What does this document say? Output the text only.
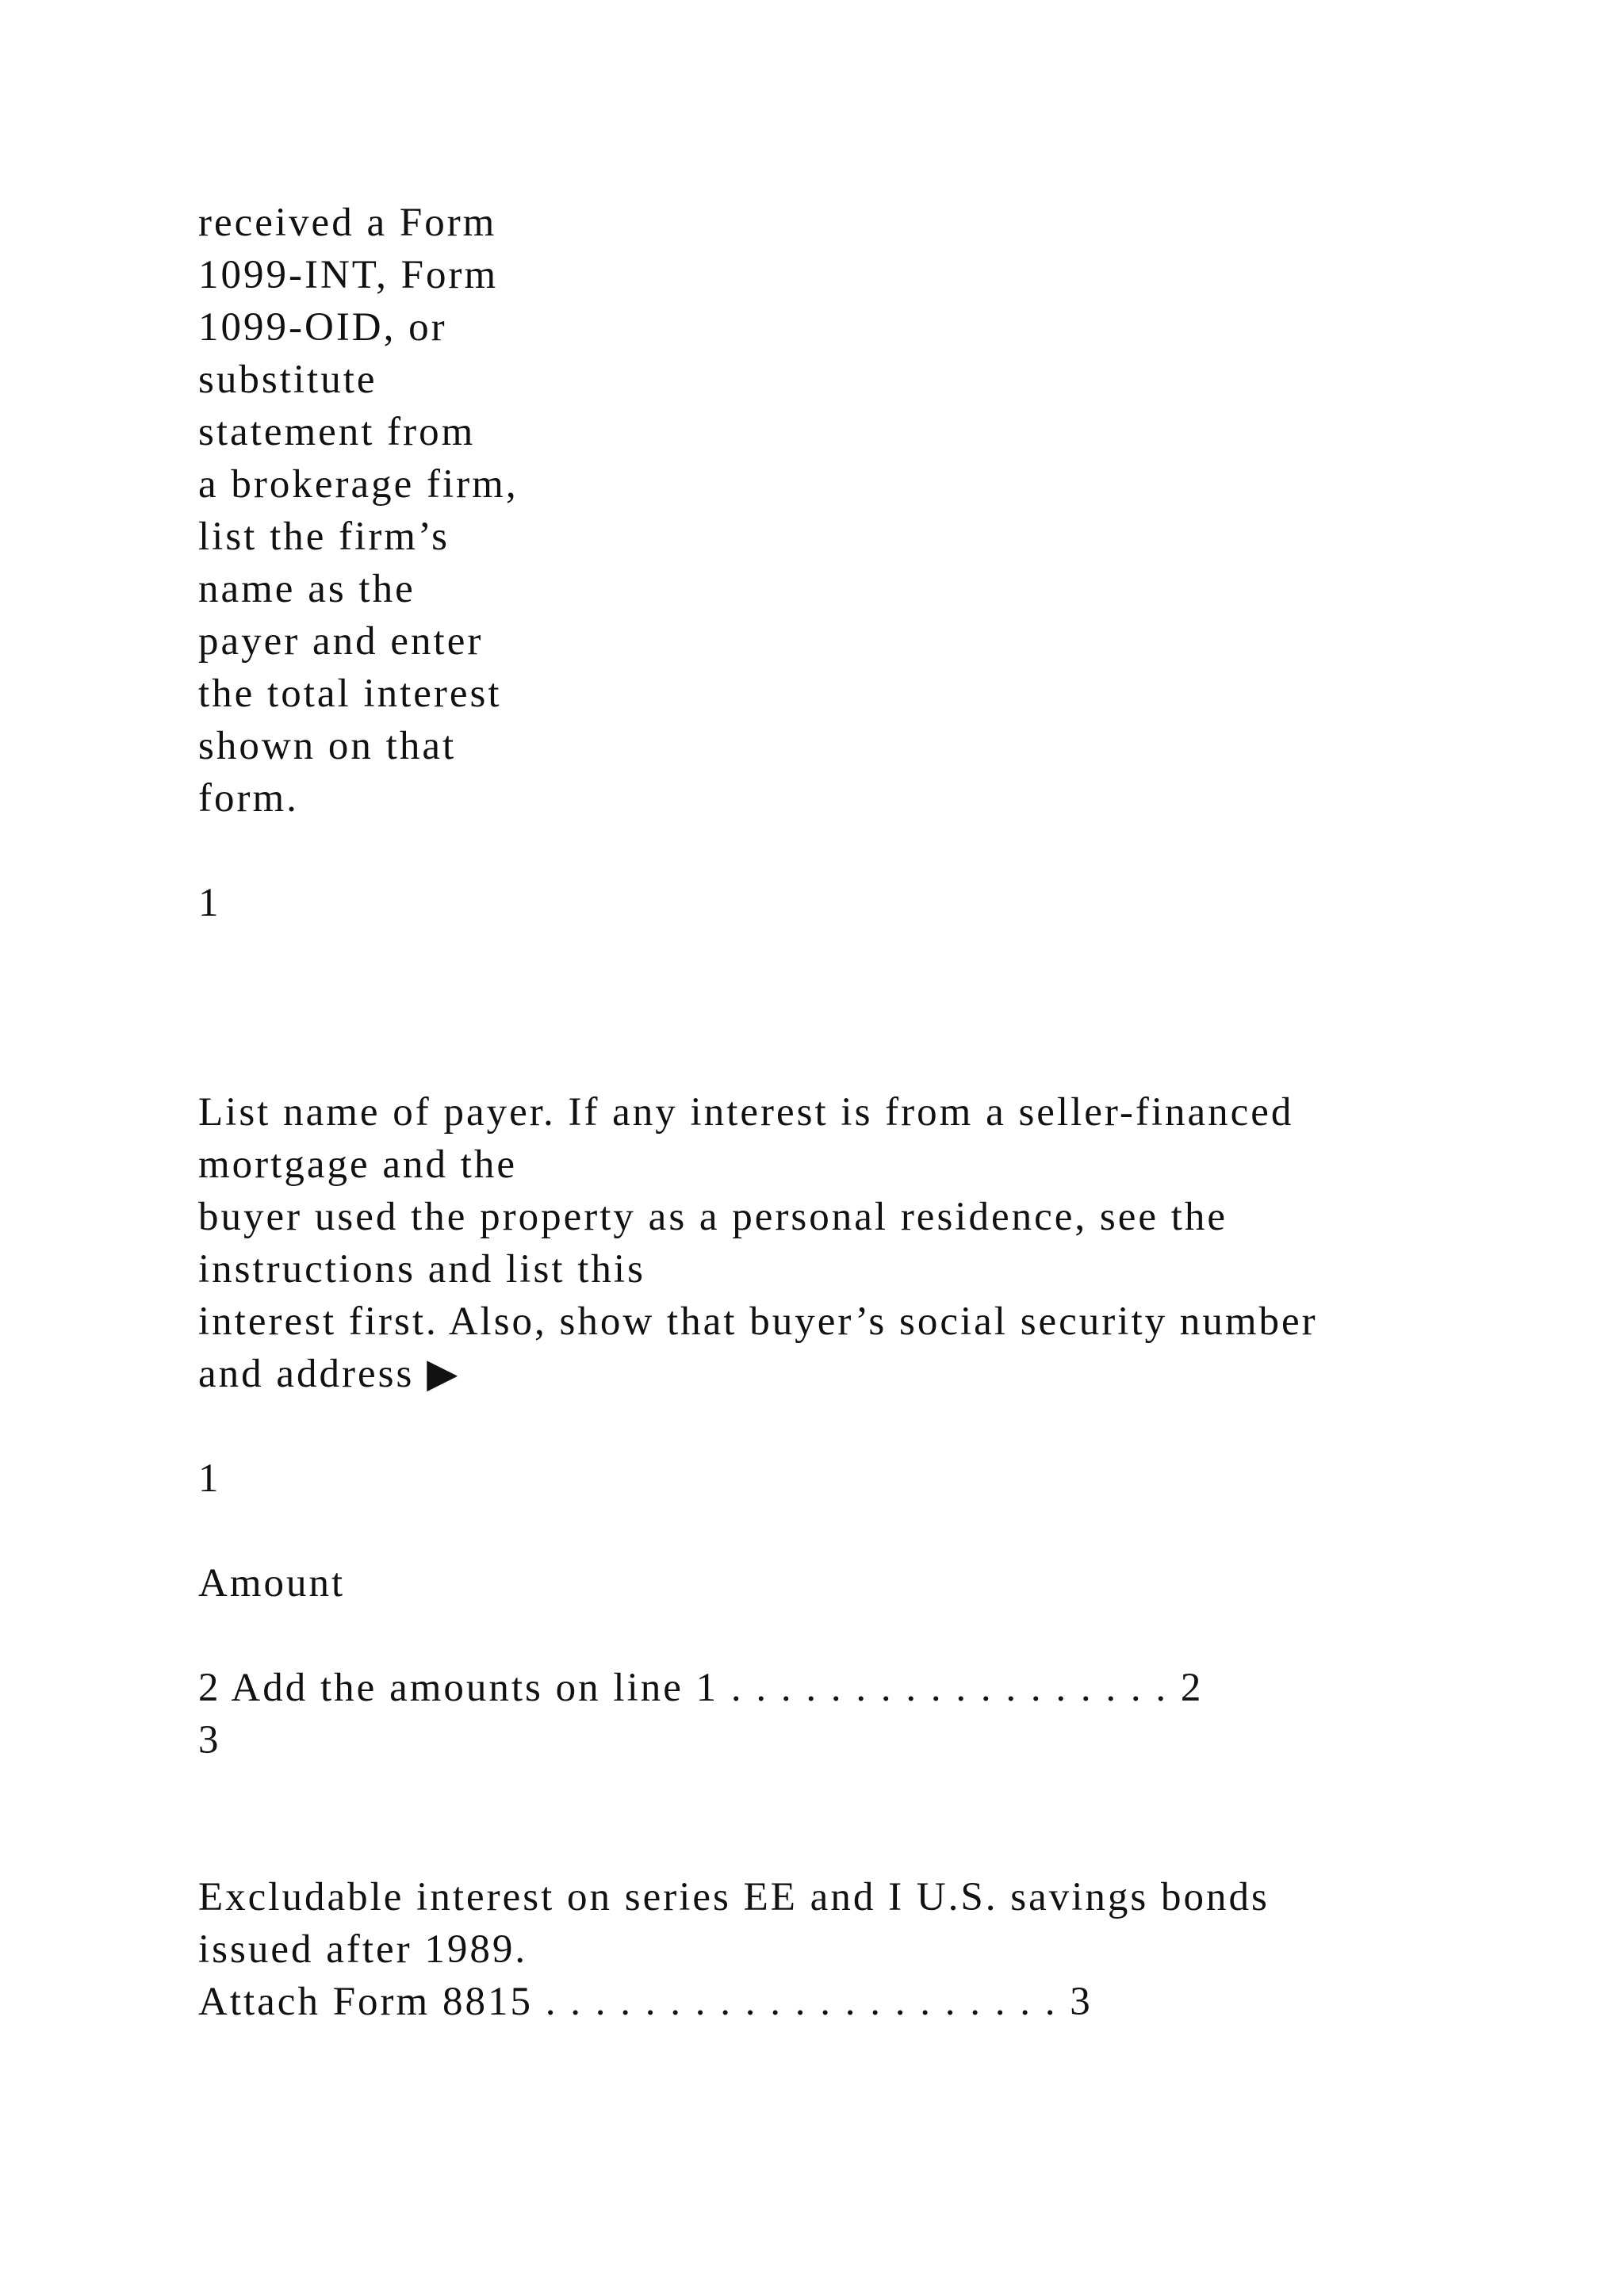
received a Form

1099-INT, Form

1099-OID, or

substitute

statement from

a brokerage firm,

list the firm’s

name as the

payer and enter

the total interest

shown on that

form.

1

List name of payer. If any interest is from a seller-financed

mortgage and the

buyer used the property as a personal residence, see the

instructions and list this

interest first. Also, show that buyer’s social security number

and address ▶

1

Amount

2 Add the amounts on line 1 . . . . . . . . . . . . . . . . . . 2

3

Excludable interest on series EE and I U.S. savings bonds

issued after 1989.

Attach Form 8815 . . . . . . . . . . . . . . . . . . . . . 3
